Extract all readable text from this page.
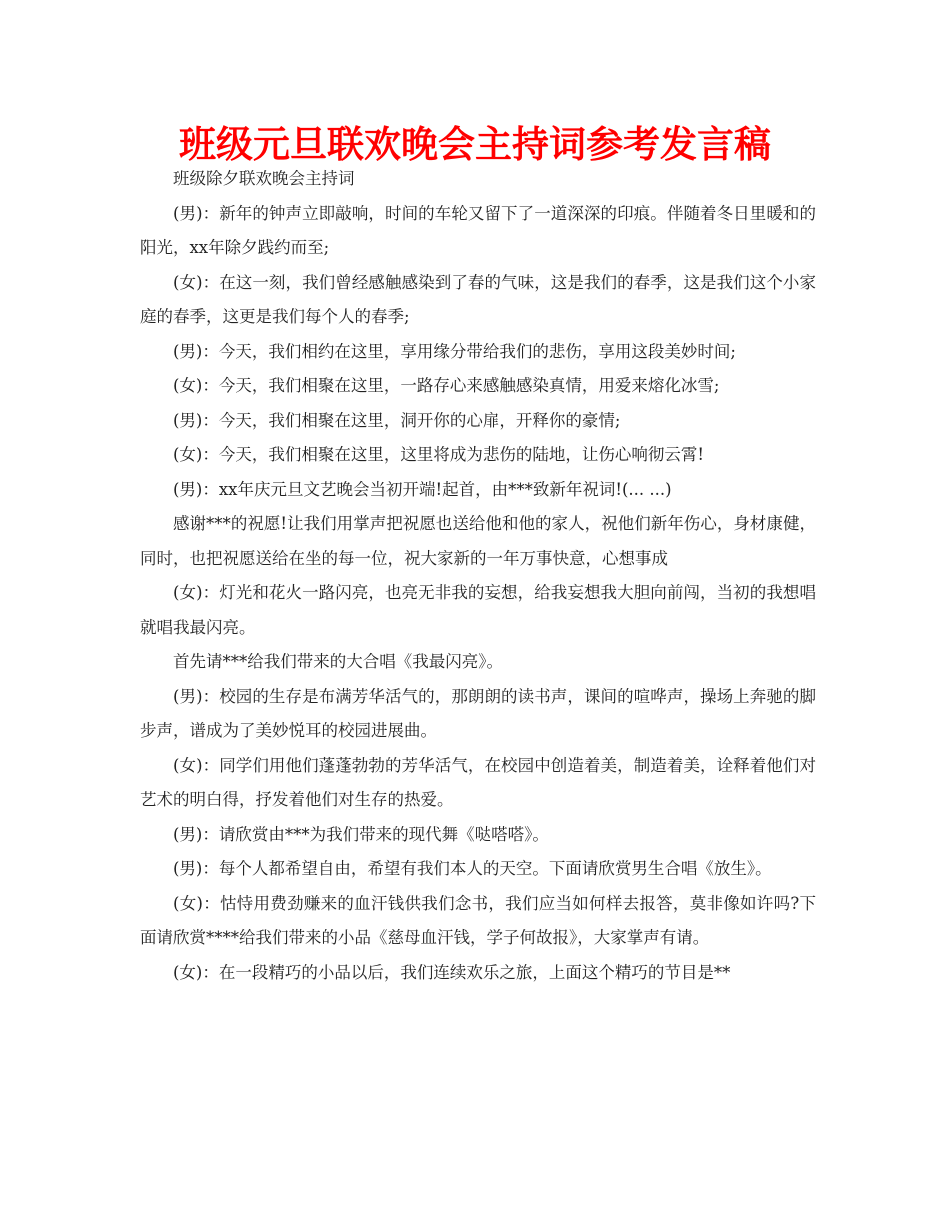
班级元旦联欢晚会主持词参考发言稿

班级除夕联欢晚会主持词

(男)：新年的钟声立即敲响，时间的车轮又留下了一道深深的印痕。伴随着冬日里暖和的阳光，xx年除夕践约而至;

(女)：在这一刻，我们曾经感触感染到了春的气味，这是我们的春季，这是我们这个小家庭的春季，这更是我们每个人的春季;

(男)：今天，我们相约在这里，享用缘分带给我们的悲伤，享用这段美妙时间;

(女)：今天，我们相聚在这里，一路存心来感触感染真情，用爱来熔化冰雪;

(男)：今天，我们相聚在这里，洞开你的心扉，开释你的豪情;

(女)：今天，我们相聚在这里，这里将成为悲伤的陆地，让伤心响彻云霄!

(男)：xx年庆元旦文艺晚会当初开端!起首，由***致新年祝词!(... ...)

感谢***的祝愿!让我们用掌声把祝愿也送给他和他的家人，祝他们新年伤心，身材康健，同时，也把祝愿送给在坐的每一位，祝大家新的一年万事快意，心想事成

(女)：灯光和花火一路闪亮，也亮无非我的妄想，给我妄想我大胆向前闯，当初的我想唱就唱我最闪亮。

首先请***给我们带来的大合唱《我最闪亮》。

(男)：校园的生存是布满芳华活气的，那朗朗的读书声，课间的喧哗声，操场上奔驰的脚步声，谱成为了美妙悦耳的校园进展曲。

(女)：同学们用他们蓬蓬勃勃的芳华活气，在校园中创造着美，制造着美，诠释着他们对艺术的明白得，抒发着他们对生存的热爱。

(男)：请欣赏由***为我们带来的现代舞《哒嗒嗒》。

(男)：每个人都希望自由，希望有我们本人的天空。下面请欣赏男生合唱《放生》。

(女)：怙恃用费劲赚来的血汗钱供我们念书，我们应当如何样去报答，莫非像如许吗?下面请欣赏****给我们带来的小品《慈母血汗钱，学子何故报》，大家掌声有请。

(女)：在一段精巧的小品以后，我们连续欢乐之旅，上面这个精巧的节目是**
